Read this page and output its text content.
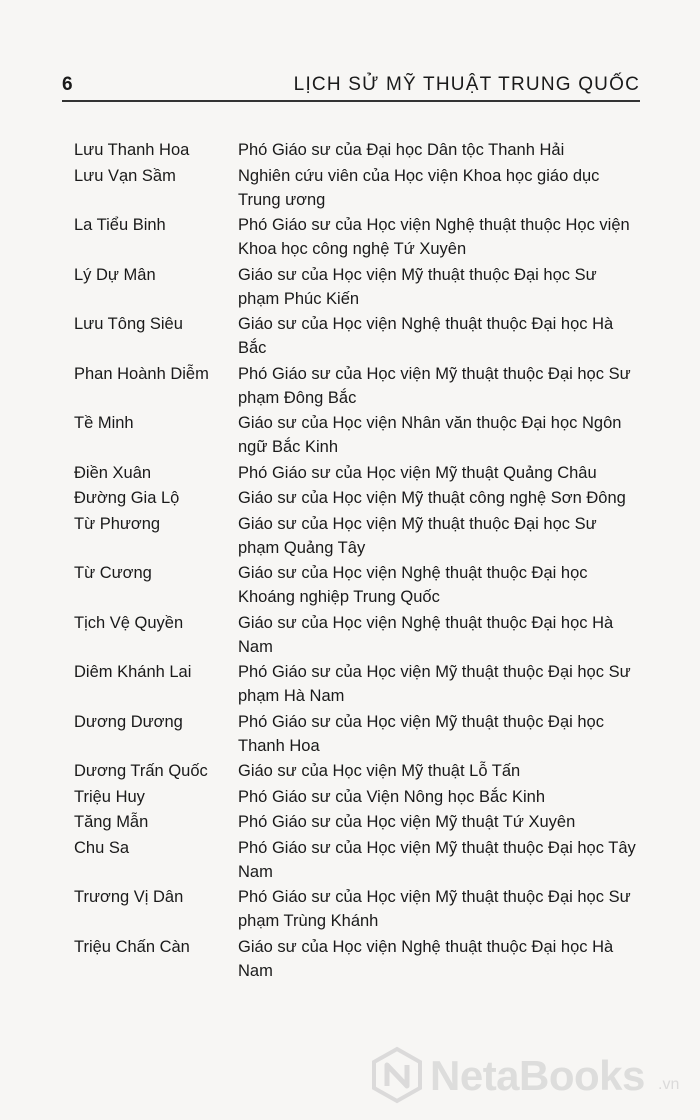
6	LỊCH SỬ MỸ THUẬT TRUNG QUỐC
Lưu Thanh Hoa	Phó Giáo sư của Đại học Dân tộc Thanh Hải
Lưu Vạn Sầm	Nghiên cứu viên của Học viện Khoa học giáo dục Trung ương
La Tiểu Binh	Phó Giáo sư của Học viện Nghệ thuật thuộc Học viện Khoa học công nghệ Tứ Xuyên
Lý Dự Mân	Giáo sư của Học viện Mỹ thuật thuộc Đại học Sư phạm Phúc Kiến
Lưu Tông Siêu	Giáo sư của Học viện Nghệ thuật thuộc Đại học Hà Bắc
Phan Hoành Diễm	Phó Giáo sư của Học viện Mỹ thuật thuộc Đại học Sư phạm Đông Bắc
Tề Minh	Giáo sư của Học viện Nhân văn thuộc Đại học Ngôn ngữ Bắc Kinh
Điền Xuân	Phó Giáo sư của Học viện Mỹ thuật Quảng Châu
Đường Gia Lộ	Giáo sư của Học viện Mỹ thuật công nghệ Sơn Đông
Từ Phương	Giáo sư của Học viện Mỹ thuật thuộc Đại học Sư phạm Quảng Tây
Từ Cương	Giáo sư của Học viện Nghệ thuật thuộc Đại học Khoáng nghiệp Trung Quốc
Tịch Vệ Quyền	Giáo sư của Học viện Nghệ thuật thuộc Đại học Hà Nam
Diêm Khánh Lai	Phó Giáo sư của Học viện Mỹ thuật thuộc Đại học Sư phạm Hà Nam
Dương Dương	Phó Giáo sư của Học viện Mỹ thuật thuộc Đại học Thanh Hoa
Dương Trấn Quốc	Giáo sư của Học viện Mỹ thuật Lỗ Tấn
Triệu Huy	Phó Giáo sư của Viện Nông học Bắc Kinh
Tăng Mẫn	Phó Giáo sư của Học viện Mỹ thuật Tứ Xuyên
Chu Sa	Phó Giáo sư của Học viện Mỹ thuật thuộc Đại học Tây Nam
Trương Vị Dân	Phó Giáo sư của Học viện Mỹ thuật thuộc Đại học Sư phạm Trùng Khánh
Triệu Chấn Càn	Giáo sư của Học viện Nghệ thuật thuộc Đại học Hà Nam
NetaBooks .vn
